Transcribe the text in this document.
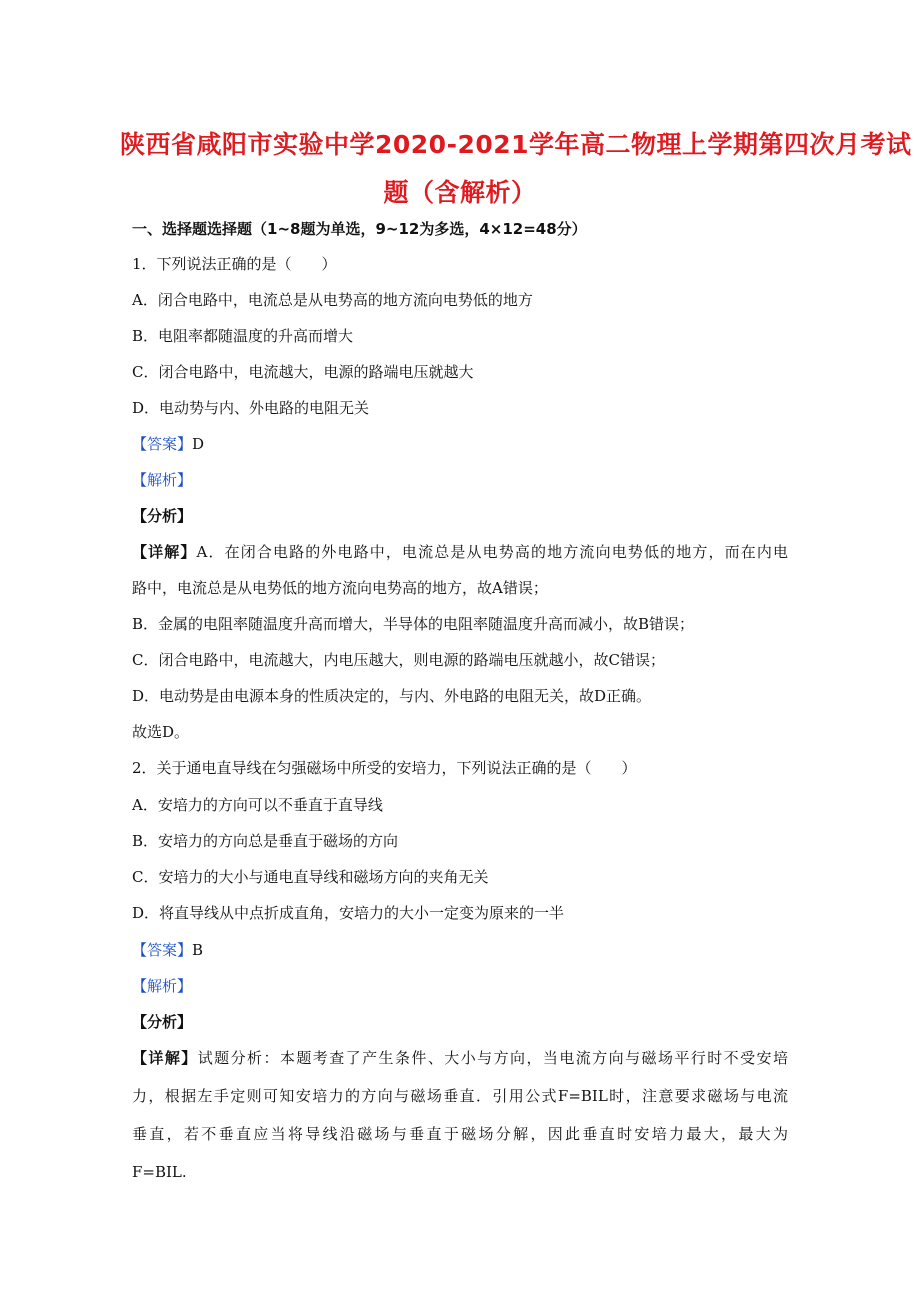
陕西省咸阳市实验中学2020-2021学年高二物理上学期第四次月考试
题（含解析）
一、选择题选择题（1~8题为单选，9~12为多选，4×12=48分）
1．下列说法正确的是（　　）
A．闭合电路中，电流总是从电势高的地方流向电势低的地方
B．电阻率都随温度的升高而增大
C．闭合电路中，电流越大，电源的路端电压就越大
D．电动势与内、外电路的电阻无关
【答案】D
【解析】
【分析】
【详解】A．在闭合电路的外电路中，电流总是从电势高的地方流向电势低的地方，而在内电
路中，电流总是从电势低的地方流向电势高的地方，故A错误；
B．金属的电阻率随温度升高而增大，半导体的电阻率随温度升高而减小，故B错误；
C．闭合电路中，电流越大，内电压越大，则电源的路端电压就越小，故C错误；
D．电动势是由电源本身的性质决定的，与内、外电路的电阻无关，故D正确。
故选D。
2．关于通电直导线在匀强磁场中所受的安培力，下列说法正确的是（　　）
A．安培力的方向可以不垂直于直导线
B．安培力的方向总是垂直于磁场的方向
C．安培力的大小与通电直导线和磁场方向的夹角无关
D．将直导线从中点折成直角，安培力的大小一定变为原来的一半
【答案】B
【解析】
【分析】
【详解】试题分析：本题考查了产生条件、大小与方向，当电流方向与磁场平行时不受安培
力，根据左手定则可知安培力的方向与磁场垂直．引用公式F=BIL时，注意要求磁场与电流
垂直，若不垂直应当将导线沿磁场与垂直于磁场分解，因此垂直时安培力最大，最大为
F=BIL.
